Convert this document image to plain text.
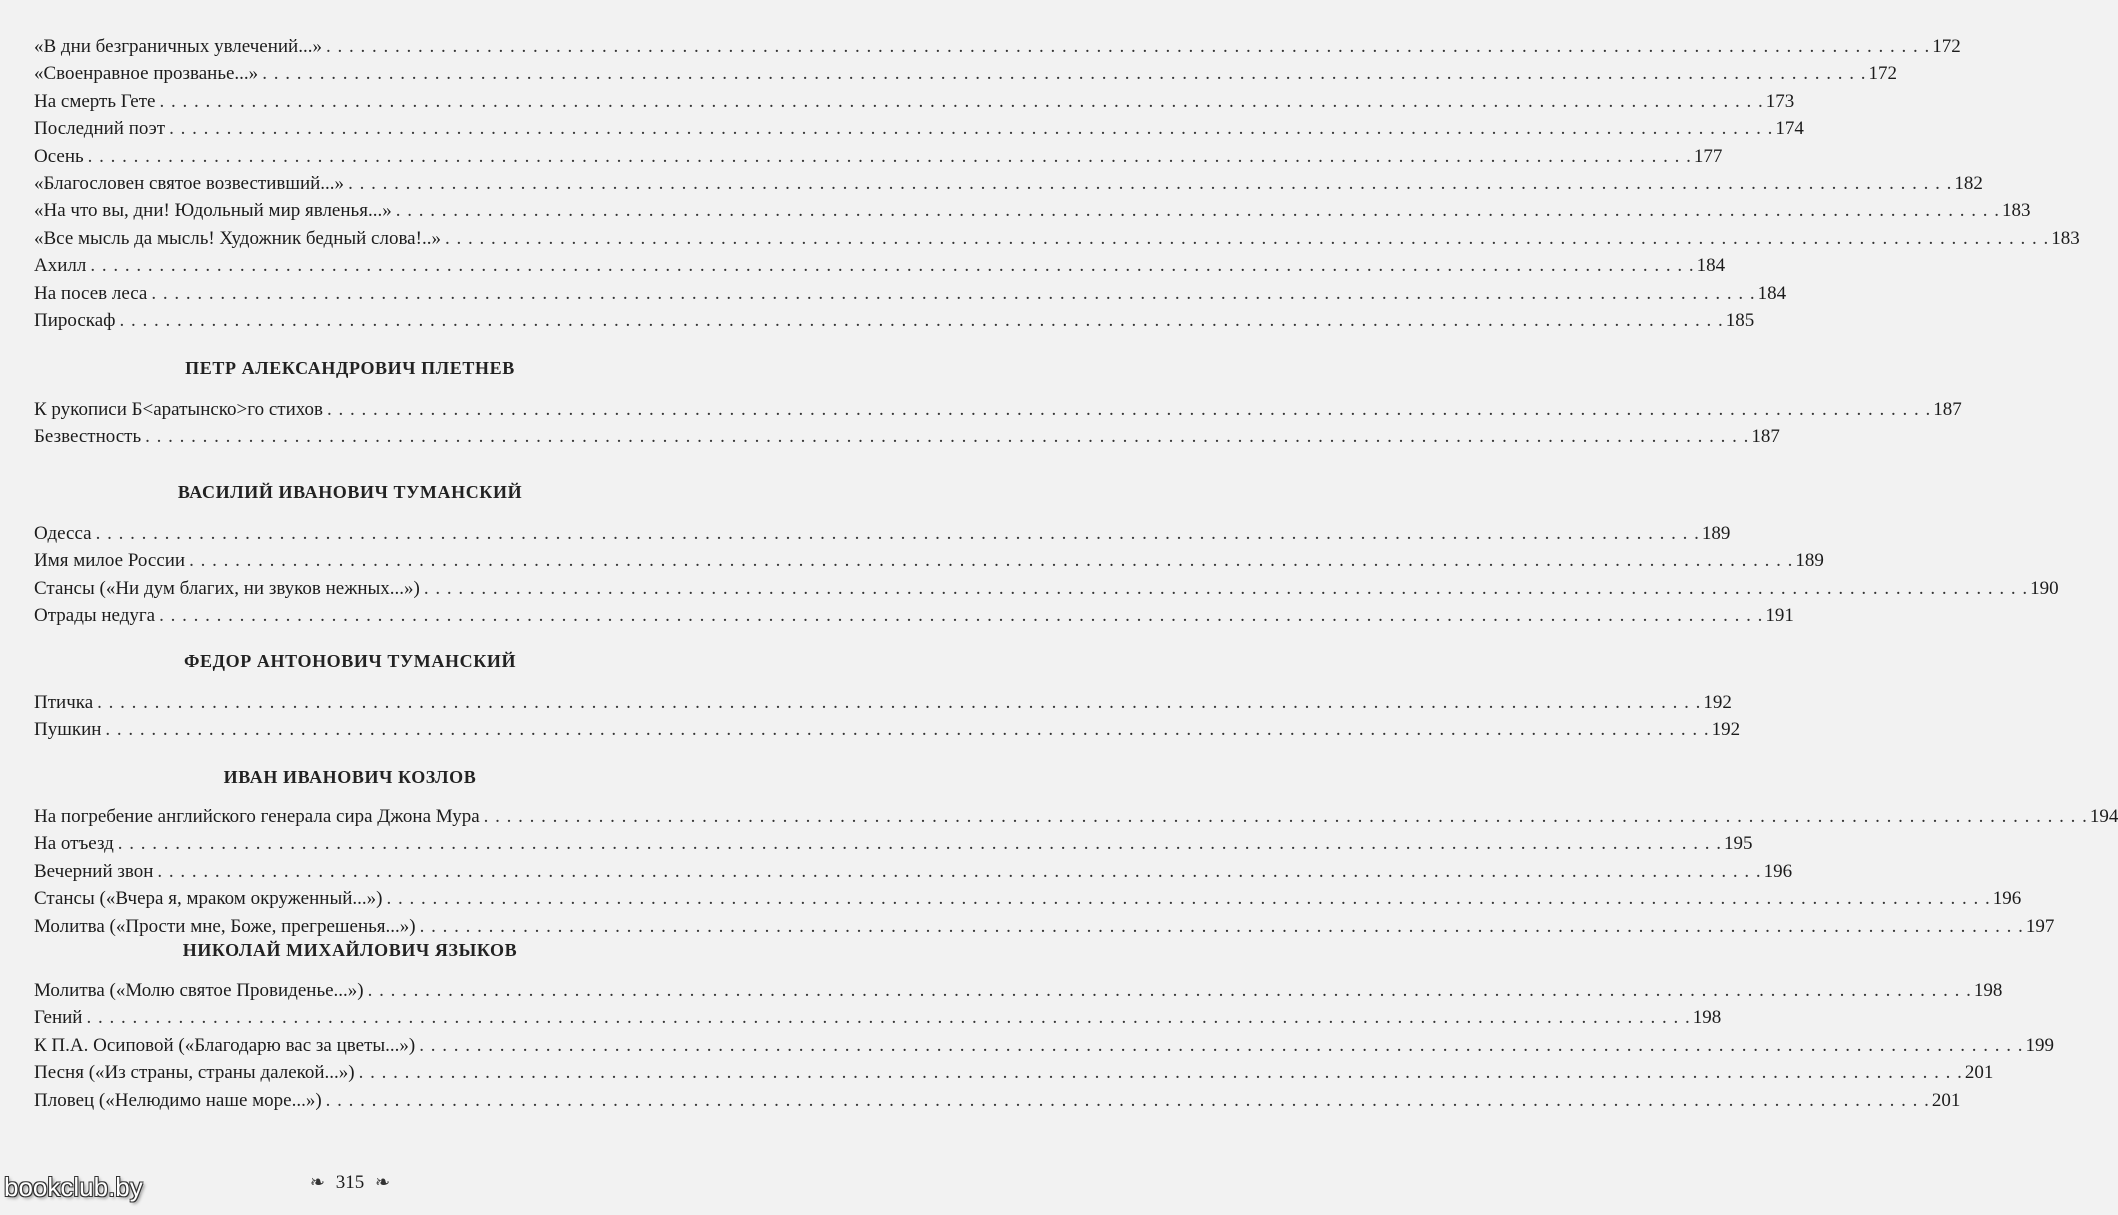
«В дни безграничных увлечений...» . . .	172
«Своенравное прозванье...» . . .	172
На смерть Гете . . .	173
Последний поэт . . .	174
Осень . . .	177
«Благословен святое возвестивший...» . . .	182
«На что вы, дни! Юдольный мир явленья...» . . .	183
«Все мысль да мысль! Художник бедный слова!..» . . .	183
Ахилл . . .	184
На посев леса . . .	184
Пироскаф . . .	185
ПЕТР АЛЕКСАНДРОВИЧ ПЛЕТНЕВ
К рукописи Б<аратынско>го стихов . . .	187
Безвестность . . .	187
ВАСИЛИЙ ИВАНОВИЧ ТУМАНСКИЙ
Одесса . . .	189
Имя милое России . . .	189
Стансы («Ни дум благих, ни звуков нежных...») . . .	190
Отрады недуга . . .	191
ФЕДОР АНТОНОВИЧ ТУМАНСКИЙ
Птичка . . .	192
Пушкин . . .	192
ИВАН ИВАНОВИЧ КОЗЛОВ
На погребение английского генерала сира Джона Мура . . .	194
На отъезд . . .	195
Вечерний звон . . .	196
Стансы («Вчера я, мраком окруженный...») . . .	196
Молитва («Прости мне, Боже, прегрешенья...») . . .	197
НИКОЛАЙ МИХАЙЛОВИЧ ЯЗЫКОВ
Молитва («Молю святое Провиденье...») . . .	198
Гений . . .	198
К П.А. Осиповой («Благодарю вас за цветы...») . . .	199
Песня («Из страны, страны далекой...») . . .	201
Пловец («Нелюдимо наше море...») . . .	201
❧ 315 ❧
bookclub.by
